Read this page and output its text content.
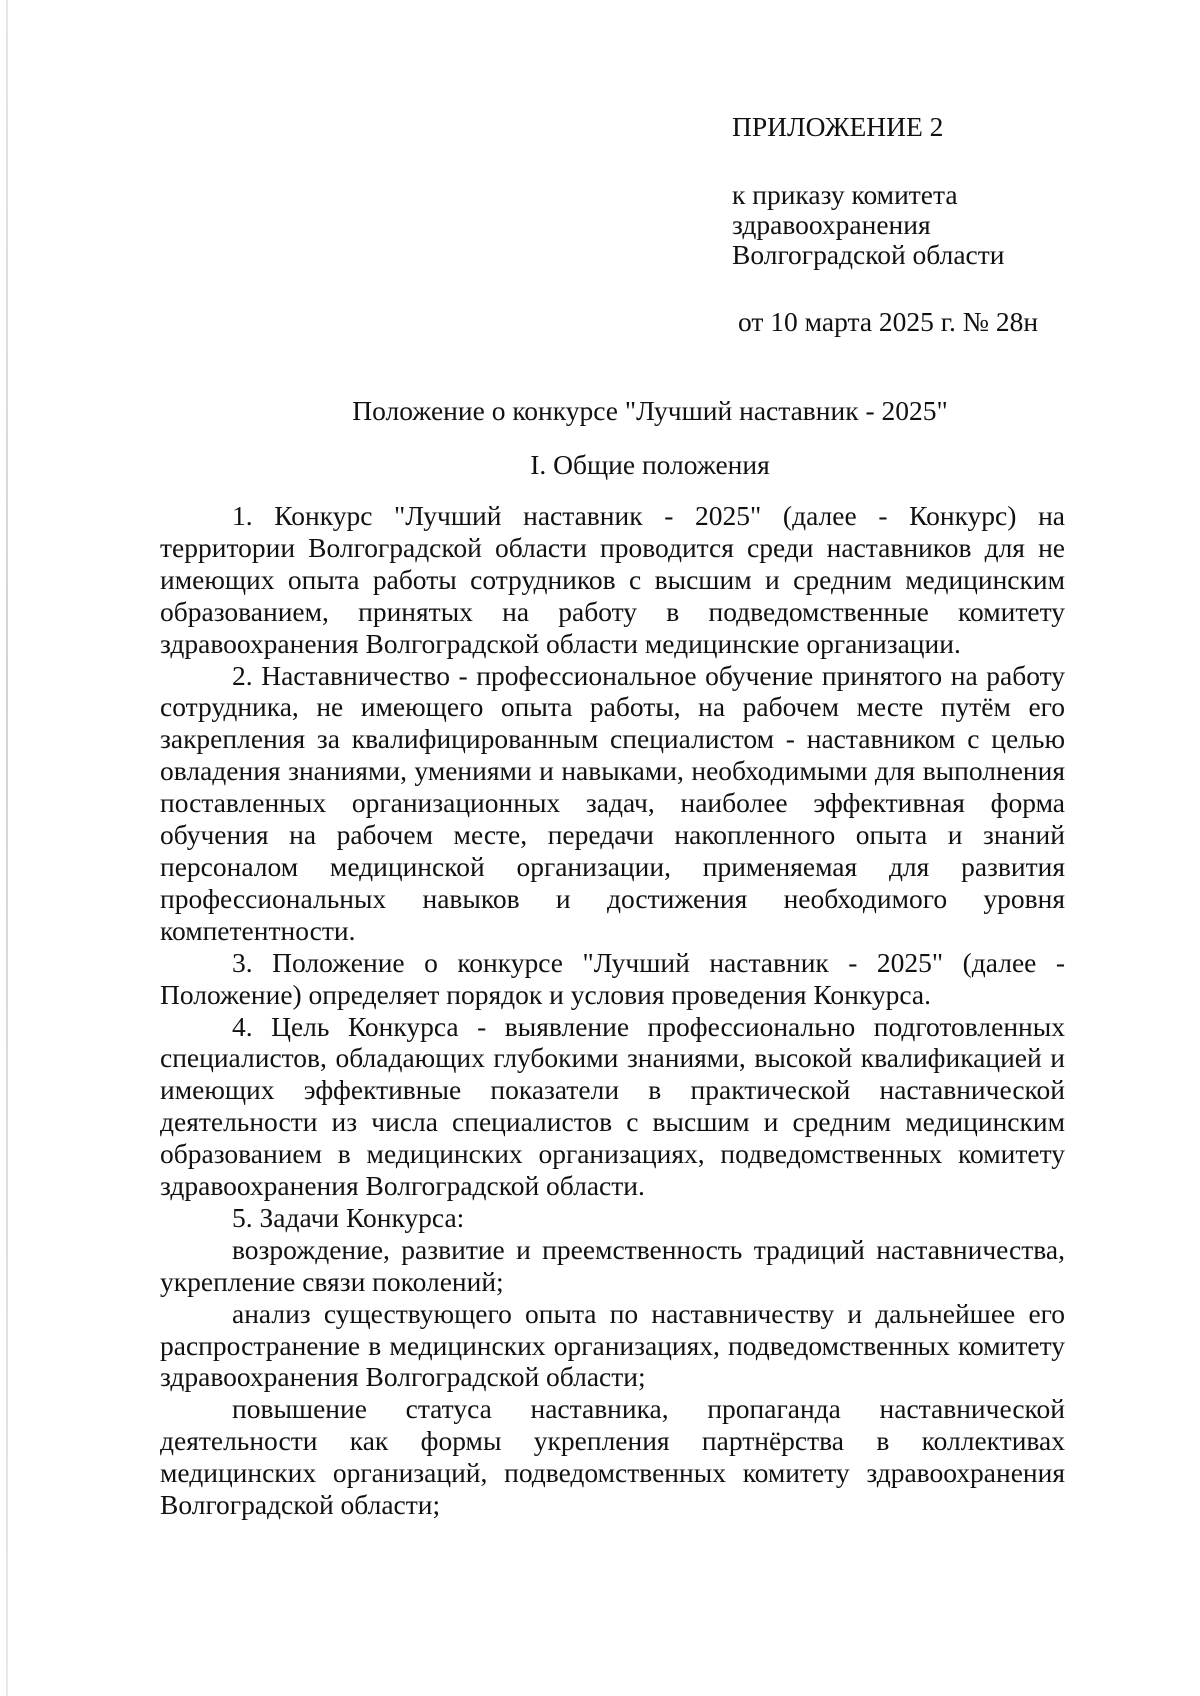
ПРИЛОЖЕНИЕ 2
к приказу комитета
здравоохранения
Волгоградской области
от 10 марта 2025 г. № 28н
Положение о конкурсе "Лучший наставник - 2025"
I. Общие положения

1. Конкурс "Лучший наставник - 2025" (далее - Конкурс) на территории Волгоградской области проводится среди наставников для не имеющих опыта работы сотрудников с высшим и средним медицинским образованием, принятых на работу в подведомственные комитету здравоохранения Волгоградской области медицинские организации.

2. Наставничество - профессиональное обучение принятого на работу сотрудника, не имеющего опыта работы, на рабочем месте путём его закрепления за квалифицированным специалистом - наставником с целью овладения знаниями, умениями и навыками, необходимыми для выполнения поставленных организационных задач, наиболее эффективная форма обучения на рабочем месте, передачи накопленного опыта и знаний персоналом медицинской организации, применяемая для развития профессиональных навыков и достижения необходимого уровня компетентности.

3. Положение о конкурсе "Лучший наставник - 2025" (далее - Положение) определяет порядок и условия проведения Конкурса.

4. Цель Конкурса - выявление профессионально подготовленных специалистов, обладающих глубокими знаниями, высокой квалификацией и имеющих эффективные показатели в практической наставнической деятельности из числа специалистов с высшим и средним медицинским образованием в медицинских организациях, подведомственных комитету здравоохранения Волгоградской области.

5. Задачи Конкурса:

возрождение, развитие и преемственность традиций наставничества, укрепление связи поколений;

анализ существующего опыта по наставничеству и дальнейшее его распространение в медицинских организациях, подведомственных комитету здравоохранения Волгоградской области;

повышение статуса наставника, пропаганда наставнической деятельности как формы укрепления партнёрства в коллективах медицинских организаций, подведомственных комитету здравоохранения Волгоградской области;
